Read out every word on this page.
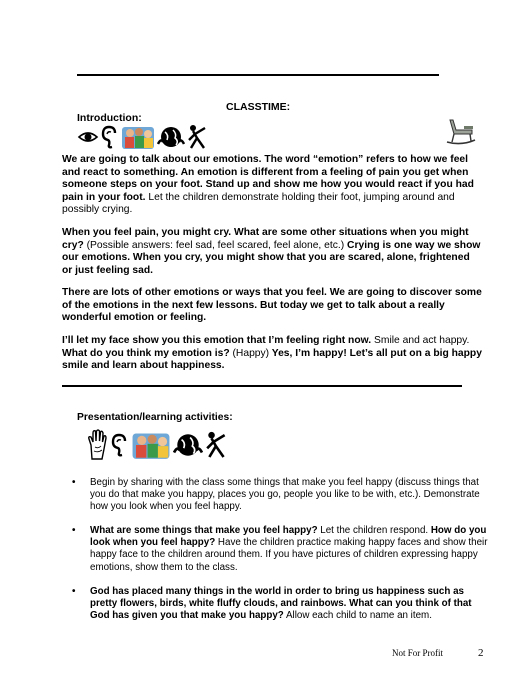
CLASSTIME:
Introduction:

We are going to talk about our emotions. The word “emotion” refers to how we feel and react to something. An emotion is different from a feeling of pain you get when someone steps on your foot. Stand up and show me how you would react if you had pain in your foot. Let the children demonstrate holding their foot, jumping around and possibly crying.

When you feel pain, you might cry. What are some other situations when you might cry? (Possible answers: feel sad, feel scared, feel alone, etc.) Crying is one way we show our emotions. When you cry, you might show that you are scared, alone, frightened or just feeling sad.

There are lots of other emotions or ways that you feel. We are going to discover some of the emotions in the next few lessons. But today we get to talk about a really wonderful emotion or feeling.

I’ll let my face show you this emotion that I’m feeling right now. Smile and act happy. What do you think my emotion is? (Happy) Yes, I’m happy! Let’s all put on a big happy smile and learn about happiness.

Presentation/learning activities:
• Begin by sharing with the class some things that make you feel happy (discuss things that you do that make you happy, places you go, people you like to be with, etc.). Demonstrate how you look when you feel happy.
• What are some things that make you feel happy? Let the children respond. How do you look when you feel happy? Have the children practice making happy faces and show their happy face to the children around them. If you have pictures of children expressing happy emotions, show them to the class.
• God has placed many things in the world in order to bring us happiness such as pretty flowers, birds, white fluffy clouds, and rainbows. What can you think of that God has given you that make you happy? Allow each child to name an item.
Not For Profit	2
